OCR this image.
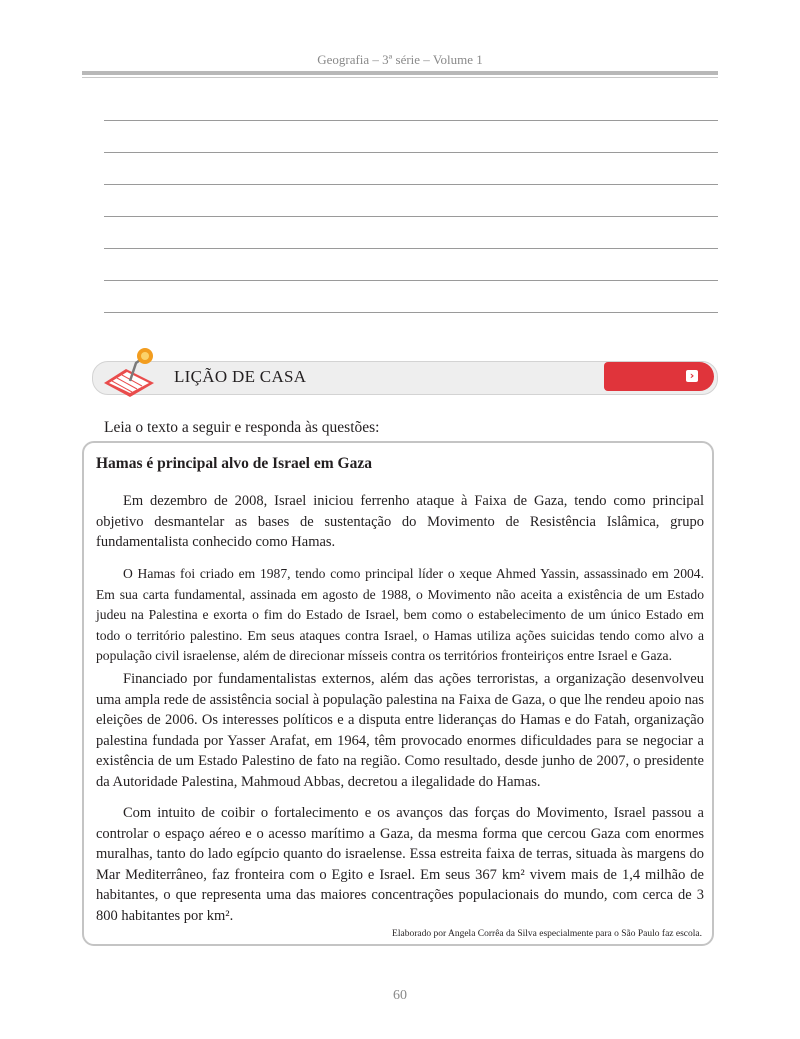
Geografia – 3ª série – Volume 1
LIÇÃO DE CASA	›
Leia o texto a seguir e responda às questões:
Hamas é principal alvo de Israel em Gaza

Em dezembro de 2008, Israel iniciou ferrenho ataque à Faixa de Gaza, tendo como principal objetivo desmantelar as bases de sustentação do Movimento de Resistência Islâmica, grupo fundamentalista conhecido como Hamas.

O Hamas foi criado em 1987, tendo como principal líder o xeque Ahmed Yassin, assassinado em 2004. Em sua carta fundamental, assinada em agosto de 1988, o Movimento não aceita a existência de um Estado judeu na Palestina e exorta o fim do Estado de Israel, bem como o estabelecimento de um único Estado em todo o território palestino. Em seus ataques contra Israel, o Hamas utiliza ações suicidas tendo como alvo a população civil israelense, além de direcionar mísseis contra os territórios fronteiriços entre Israel e Gaza.

Financiado por fundamentalistas externos, além das ações terroristas, a organização desenvolveu uma ampla rede de assistência social à população palestina na Faixa de Gaza, o que lhe rendeu apoio nas eleições de 2006. Os interesses políticos e a disputa entre lideranças do Hamas e do Fatah, organização palestina fundada por Yasser Arafat, em 1964, têm provocado enormes dificuldades para se negociar a existência de um Estado Palestino de fato na região. Como resultado, desde junho de 2007, o presidente da Autoridade Palestina, Mahmoud Abbas, decretou a ilegalidade do Hamas.

Com intuito de coibir o fortalecimento e os avanços das forças do Movimento, Israel passou a controlar o espaço aéreo e o acesso marítimo a Gaza, da mesma forma que cercou Gaza com enormes muralhas, tanto do lado egípcio quanto do israelense. Essa estreita faixa de terras, situada às margens do Mar Mediterrâneo, faz fronteira com o Egito e Israel. Em seus 367 km² vivem mais de 1,4 milhão de habitantes, o que representa uma das maiores concentrações populacionais do mundo, com cerca de 3 800 habitantes por km².

Elaborado por Angela Corrêa da Silva especialmente para o São Paulo faz escola.
60
